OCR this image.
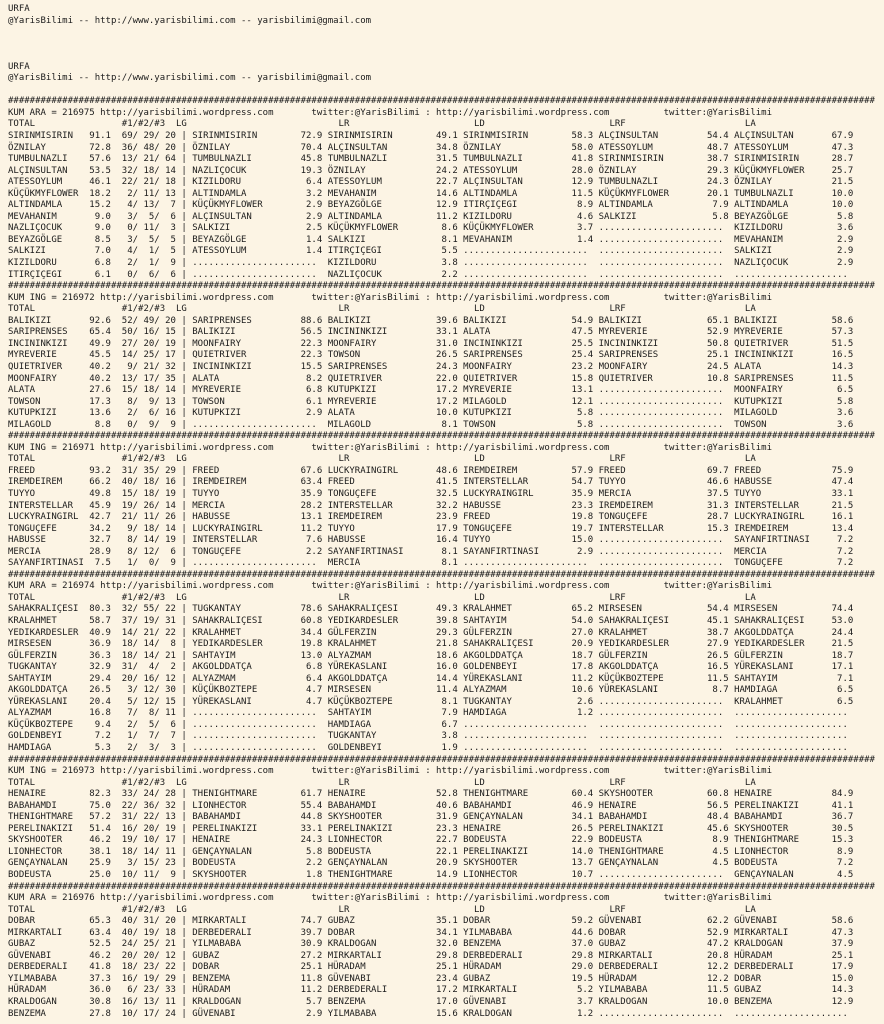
URFA
@YarisBilimi -- http://www.yarisbilimi.com -- yarisbilimi@gmail.com
URFA
@YarisBilimi -- http://www.yarisbilimi.com -- yarisbilimi@gmail.com
################################################################################################################################################################
KUM ARA = 216975 http://yarisbilimi.wordpress.com       twitter:@YarisBilimi : http://yarisbilimi.wordpress.com          twitter:@YarisBilimi
TOTAL                #1/#2/#3  LG                            LR                       LD                       LRF                      LA
SIRINMISIRIN   91.1  69/ 29/ 20 | SIRINMISIRIN        72.9 SIRINMISIRIN        49.1 SIRINMISIRIN        58.3 ALÇINSULTAN         54.4 ALÇINSULTAN       67.9
ÖZNILAY        72.8  36/ 48/ 20 | ÖZNILAY             70.4 ALÇINSULTAN         34.8 ÖZNILAY             58.0 ATESSOYLUM          48.7 ATESSOYLUM        47.3
TUMBULNAZLI    57.6  13/ 21/ 64 | TUMBULNAZLI         45.8 TUMBULNAZLI         31.5 TUMBULNAZLI         41.8 SIRINMISIRIN        38.7 SIRINMISIRIN      28.7
ALÇINSULTAN    53.5  32/ 18/ 14 | NAZLIÇOCUK          19.3 ÖZNILAY             24.2 ATESSOYLUM          28.0 ÖZNILAY             29.3 KÜÇÜKMYFLOWER     25.7
ATESSOYLUM     46.1  22/ 21/ 18 | KIZILDORU            6.4 ATESSOYLUM          22.7 ALÇINSULTAN         12.9 TUMBULNAZLI         24.3 ÖZNILAY           21.5
KÜÇÜKMYFLOWER  18.2   2/ 11/ 13 | ALTINDAMLA           3.2 MEVAHANIM           14.6 ALTINDAMLA          11.5 KÜÇÜKMYFLOWER       20.1 TUMBULNAZLI       10.0
ALTINDAMLA     15.2   4/ 13/  7 | KÜÇÜKMYFLOWER        2.9 BEYAZGÖLGE          12.9 ITIRÇIÇEGI           8.9 ALTINDAMLA           7.9 ALTINDAMLA        10.0
MEVAHANIM       9.0   3/  5/  6 | ALÇINSULTAN          2.9 ALTINDAMLA          11.2 KIZILDORU            4.6 SALKIZI              5.8 BEYAZGÖLGE         5.8
NAZLIÇOCUK      9.0   0/ 11/  3 | SALKIZI              2.5 KÜÇÜKMYFLOWER        8.6 KÜÇÜKMYFLOWER        3.7 .......................  KIZILDORU          3.6
BEYAZGÖLGE      8.5   3/  5/  5 | BEYAZGÖLGE           1.4 SALKIZI              8.1 MEVAHANIM            1.4 .......................  MEVAHANIM          2.9
SALKIZI         7.0   4/  1/  5 | ATESSOYLUM           1.4 ITIRÇIÇEGI           5.5 .......................  .......................  SALKIZI            2.9
KIZILDORU       6.8   2/  1/  9 | .......................  KIZILDORU            3.8 .......................  .......................  NAZLIÇOCUK         2.9
ITIRÇIÇEGI      6.1   0/  6/  6 | .......................  NAZLIÇOCUK           2.2 .......................  .......................  .....................
################################################################################################################################################################
KUM ING = 216972 http://yarisbilimi.wordpress.com       twitter:@YarisBilimi : http://yarisbilimi.wordpress.com          twitter:@YarisBilimi
TOTAL                #1/#2/#3  LG                            LR                       LD                       LRF                      LA
BALIKIZI       92.6  52/ 49/ 20 | SARIPRENSES         88.6 BALIKIZI            39.6 BALIKIZI            54.9 BALIKIZI            65.1 BALIKIZI          58.6
SARIPRENSES    65.4  50/ 16/ 15 | BALIKIZI            56.5 INCININKIZI         33.1 ALATA               47.5 MYREVERIE           52.9 MYREVERIE         57.3
INCININKIZI    49.9  27/ 20/ 19 | MOONFAIRY           22.3 MOONFAIRY           31.0 INCININKIZI         25.5 INCININKIZI         50.8 QUIETRIVER        51.5
MYREVERIE      45.5  14/ 25/ 17 | QUIETRIVER          22.3 TOWSON              26.5 SARIPRENSES         25.4 SARIPRENSES         25.1 INCININKIZI       16.5
QUIETRIVER     40.2   9/ 21/ 32 | INCININKIZI         15.5 SARIPRENSES         24.3 MOONFAIRY           23.2 MOONFAIRY           24.5 ALATA             14.3
MOONFAIRY      40.2  13/ 17/ 35 | ALATA                8.2 QUIETRIVER          22.0 QUIETRIVER          15.8 QUIETRIVER          10.8 SARIPRENSES       11.5
ALATA          27.6  15/ 18/ 14 | MYREVERIE            6.8 KUTUPKIZI           17.2 MYREVERIE           13.1 .......................  MOONFAIRY          6.5
TOWSON         17.3   8/  9/ 13 | TOWSON               6.1 MYREVERIE           17.2 MILAGOLD            12.1 .......................  KUTUPKIZI          5.8
KUTUPKIZI      13.6   2/  6/ 16 | KUTUPKIZI            2.9 ALATA               10.0 KUTUPKIZI            5.8 .......................  MILAGOLD           3.6
MILAGOLD        8.8   0/  9/  9 | .......................  MILAGOLD             8.1 TOWSON               5.8 .......................  TOWSON             3.6
################################################################################################################################################################
KUM ING = 216971 http://yarisbilimi.wordpress.com       twitter:@YarisBilimi : http://yarisbilimi.wordpress.com          twitter:@YarisBilimi
TOTAL                #1/#2/#3  LG                            LR                       LD                       LRF                      LA
FREED          93.2  31/ 35/ 29 | FREED               67.6 LUCKYRAINGIRL       48.6 IREMDEIREM          57.9 FREED               69.7 FREED             75.9
IREMDEIREM     66.2  40/ 18/ 16 | IREMDEIREM          63.4 FREED               41.5 INTERSTELLAR        54.7 TUYYO               46.6 HABUSSE           47.4
TUYYO          49.8  15/ 18/ 19 | TUYYO               35.9 TONGUÇEFE           32.5 LUCKYRAINGIRL       35.9 MERCIA              37.5 TUYYO             33.1
INTERSTELLAR   45.9  19/ 26/ 14 | MERCIA              28.2 INTERSTELLAR        32.2 HABUSSE             23.3 IREMDEIREM          31.3 INTERSTELLAR      21.5
LUCKYRAINGIRL  42.7  21/ 11/ 26 | HABUSSE             13.1 IREMDEIREM          23.9 FREED               19.8 TONGUÇEFE           28.7 LUCKYRAINGIRL     16.1
TONGUÇEFE      34.2   9/ 18/ 14 | LUCKYRAINGIRL       11.2 TUYYO               17.9 TONGUÇEFE           19.7 INTERSTELLAR        15.3 IREMDEIREM        13.4
HABUSSE        32.7   8/ 14/ 19 | INTERSTELLAR         7.6 HABUSSE             16.4 TUYYO               15.0 .......................  SAYANFIRTINASI     7.2
MERCIA         28.9   8/ 12/  6 | TONGUÇEFE            2.2 SAYANFIRTINASI       8.1 SAYANFIRTINASI       2.9 .......................  MERCIA             7.2
SAYANFIRTINASI  7.5   1/  0/  9 | .......................  MERCIA               8.1 .......................  .......................  TONGUÇEFE          7.2
################################################################################################################################################################
KUM ARA = 216974 http://yarisbilimi.wordpress.com       twitter:@YarisBilimi : http://yarisbilimi.wordpress.com          twitter:@YarisBilimi
TOTAL                #1/#2/#3  LG                            LR                       LD                       LRF                      LA
SAHAKRALIÇESI  80.3  32/ 55/ 22 | TUGKANTAY           78.6 SAHAKRALIÇESI       49.3 KRALAHMET           65.2 MIRSESEN            54.4 MIRSESEN          74.4
KRALAHMET      58.7  37/ 19/ 31 | SAHAKRALIÇESI       60.8 YEDIKARDESLER       39.8 SAHTAYIM            54.0 SAHAKRALIÇESI       45.1 SAHAKRALIÇESI     53.0
YEDIKARDESLER  40.9  14/ 21/ 22 | KRALAHMET           34.4 GÜLFERZIN           29.3 GÜLFERZIN           27.0 KRALAHMET           38.7 AKGOLDDATÇA       24.4
MIRSESEN       36.9  18/ 14/  8 | YEDIKARDESLER       19.8 KRALAHMET           21.8 SAHAKRALIÇESI       20.9 YEDIKARDESLER       27.9 YEDIKARDESLER     21.5
GÜLFERZIN      36.3  18/ 14/ 21 | SAHTAYIM            13.0 ALYAZMAM            18.6 AKGOLDDATÇA         18.7 GÜLFERZIN           26.5 GÜLFERZIN         18.7
TUGKANTAY      32.9  31/  4/  2 | AKGOLDDATÇA          6.8 YÜREKASLANI         16.0 GOLDENBEYI          17.8 AKGOLDDATÇA         16.5 YÜREKASLANI       17.1
SAHTAYIM       29.4  20/ 16/ 12 | ALYAZMAM             6.4 AKGOLDDATÇA         14.4 YÜREKASLANI         11.2 KÜÇÜKBOZTEPE        11.5 SAHTAYIM           7.1
AKGOLDDATÇA    26.5   3/ 12/ 30 | KÜÇÜKBOZTEPE         4.7 MIRSESEN            11.4 ALYAZMAM            10.6 YÜREKASLANI          8.7 HAMDIAGA           6.5
YÜREKASLANI    20.4   5/ 12/ 15 | YÜREKASLANI          4.7 KÜÇÜKBOZTEPE         8.1 TUGKANTAY            2.6 .......................  KRALAHMET          6.5
ALYAZMAM       16.8   7/  8/ 11 | .......................  SAHTAYIM             7.9 HAMDIAGA             1.2 .......................  .....................
KÜÇÜKBOZTEPE    9.4   2/  5/  6 | .......................  HAMDIAGA             6.7 .......................  .......................  .....................
GOLDENBEYI      7.2   1/  7/  7 | .......................  TUGKANTAY            3.8 .......................  .......................  .....................
HAMDIAGA        5.3   2/  3/  3 | .......................  GOLDENBEYI           1.9 .......................  .......................  .....................
################################################################################################################################################################
KUM ING = 216973 http://yarisbilimi.wordpress.com       twitter:@YarisBilimi : http://yarisbilimi.wordpress.com          twitter:@YarisBilimi
TOTAL                #1/#2/#3  LG                            LR                       LD                       LRF                      LA
HENAIRE        82.3  33/ 24/ 28 | THENIGHTMARE        61.7 HENAIRE             52.8 THENIGHTMARE        60.4 SKYSHOOTER          60.8 HENAIRE           84.9
BABAHAMDI      75.0  22/ 36/ 32 | LIONHECTOR          55.4 BABAHAMDI           40.6 BABAHAMDI           46.9 HENAIRE             56.5 PERELINAKIZI      41.1
THENIGHTMARE   57.2  31/ 22/ 13 | BABAHAMDI           44.8 SKYSHOOTER          31.9 GENÇAYNALAN         34.1 BABAHAMDI           48.4 BABAHAMDI         36.7
PERELINAKIZI   51.4  16/ 20/ 19 | PERELINAKIZI        33.1 PERELINAKIZI        23.3 HENAIRE             26.5 PERELINAKIZI        45.6 SKYSHOOTER        30.5
SKYSHOOTER     46.2  19/ 10/ 17 | HENAIRE             24.3 LIONHECTOR          22.7 BODEUSTA            22.9 BODEUSTA             8.9 THENIGHTMARE      15.3
LIONHECTOR     38.1  18/ 14/ 11 | GENÇAYNALAN          5.8 BODEUSTA            22.1 PERELINAKIZI        14.0 THENIGHTMARE         4.5 LIONHECTOR         8.9
GENÇAYNALAN    25.9   3/ 15/ 23 | BODEUSTA             2.2 GENÇAYNALAN         20.9 SKYSHOOTER          13.7 GENÇAYNALAN          4.5 BODEUSTA           7.2
BODEUSTA       25.0  10/ 11/  9 | SKYSHOOTER           1.8 THENIGHTMARE        14.9 LIONHECTOR          10.7 .......................  GENÇAYNALAN        4.5
################################################################################################################################################################
KUM ARA = 216976 http://yarisbilimi.wordpress.com       twitter:@YarisBilimi : http://yarisbilimi.wordpress.com          twitter:@YarisBilimi
TOTAL                #1/#2/#3  LG                            LR                       LD                       LRF                      LA
DOBAR          65.3  40/ 31/ 20 | MIRKARTALI          74.7 GUBAZ               35.1 DOBAR               59.2 GÜVENABI            62.2 GÜVENABI          58.6
MIRKARTALI     63.4  40/ 19/ 18 | DERBEDERALI         39.7 DOBAR               34.1 YILMABABA           44.6 DOBAR               52.9 MIRKARTALI        47.3
GUBAZ          52.5  24/ 25/ 21 | YILMABABA           30.9 KRALDOGAN           32.0 BENZEMA             37.0 GUBAZ               47.2 KRALDOGAN         37.9
GÜVENABI       46.2  20/ 20/ 12 | GUBAZ               27.2 MIRKARTALI          29.8 DERBEDERALI         29.8 MIRKARTALI          20.8 HÜRADAM           25.1
DERBEDERALI    41.8  18/ 23/ 22 | DOBAR               25.1 HÜRADAM             25.1 HÜRADAM             29.0 DERBEDERALI         12.2 DERBEDERALI       17.9
YILMABABA      37.3  16/ 19/ 29 | BENZEMA             11.8 GÜVENABI            23.4 GUBAZ               19.5 HÜRADAM             12.2 DOBAR             15.0
HÜRADAM        36.0   6/ 23/ 33 | HÜRADAM             11.2 DERBEDERALI         17.2 MIRKARTALI           5.2 YILMABABA           11.5 GUBAZ             14.3
KRALDOGAN      30.8  16/ 13/ 11 | KRALDOGAN            5.7 BENZEMA             17.0 GÜVENABI             3.7 KRALDOGAN           10.0 BENZEMA           12.9
BENZEMA        27.8  10/ 17/ 24 | GÜVENABI             2.9 YILMABABA           15.6 KRALDOGAN            1.2 .......................  .....................
